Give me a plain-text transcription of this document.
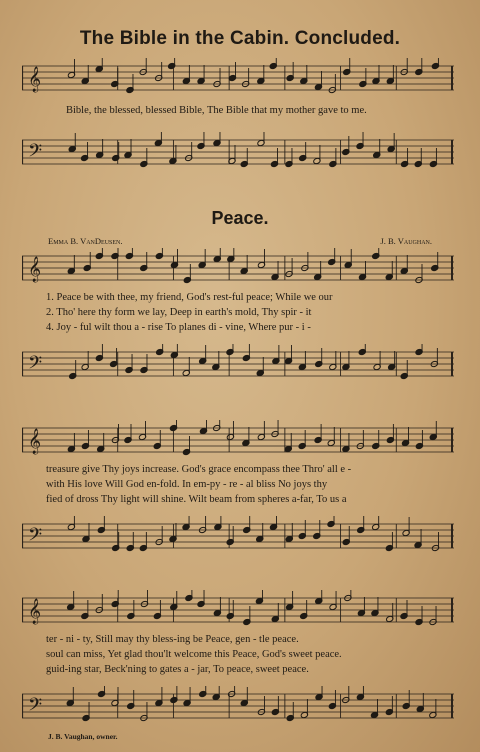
The Bible in the Cabin. Concluded.
𝄞
Bible, the blessed, blessed Bible, The Bible that my mother gave to me.
𝄢
Peace.
Emma B. VanDeusen.	J. B. Vaughan.
𝄞
1. Peace be with thee, my friend, God's rest-ful peace; While we our
2. Tho' here thy form we lay, Deep in earth's mold, Thy spir - it
4. Joy - ful wilt thou a - rise To planes di - vine, Where pur - i -
𝄢
𝄞
treasure give Thy joys increase. God's grace encompass thee Thro' all e -
with His love Will God en-fold. In em-py - re - al bliss No joys thy
fied of dross Thy light will shine. Wilt beam from spheres a-far, To us a
𝄢
𝄞
ter - ni - ty, Still may thy bless-ing be Peace, gen - tle peace.
soul can miss, Yet glad thou'lt welcome this Peace, God's sweet peace.
guid-ing star, Beck'ning to gates a - jar, To peace, sweet peace.
𝄢
J. B. Vaughan, owner.
